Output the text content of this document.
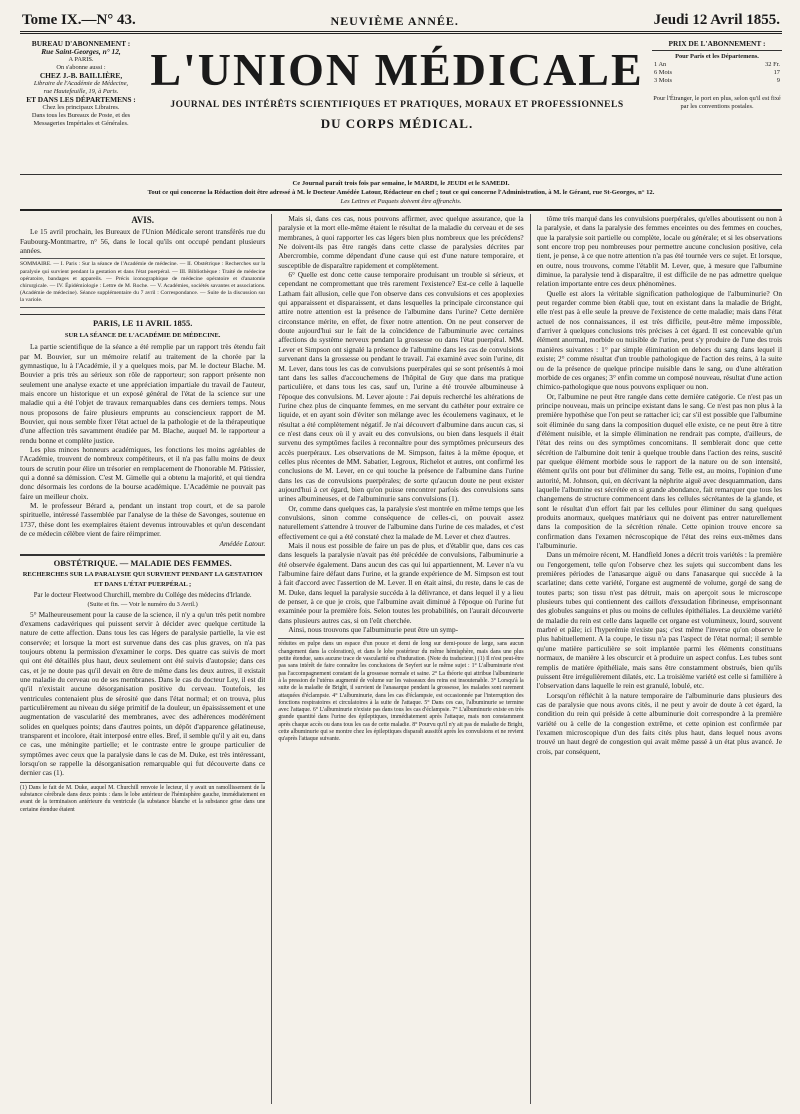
Tome IX.—N° 43.	NEUVIÈME ANNÉE.	Jeudi 12 Avril 1855.
BUREAU D'ABONNEMENT :
Rue Saint-Georges, n° 12,
A PARIS.
On s'abonne aussi :
CHEZ J.-B. BAILLIÈRE,
Libraire de l'Académie de Médecine,
rue Hautefeuille, 19, à Paris.
ET DANS LES DÉPARTEMENS :
Chez les principaux Libraires.
Dans tous les Bureaux de Poste, et des
Messageries Impériales et Générales.
L'UNION MÉDICALE
JOURNAL DES INTÉRÊTS SCIENTIFIQUES ET PRATIQUES, MORAUX ET PROFESSIONNELS
DU CORPS MÉDICAL.
PRIX DE L'ABONNEMENT :
Pour Paris et les Départemens.
1 An	32 Fr.
6 Mois	17
3 Mois	9
Pour l'Étranger, le port en plus, selon qu'il est fixé par les conventions postales.
Ce Journal paraît trois fois par semaine, le MARDI, le JEUDI et le SAMEDI.
Tout ce qui concerne la Rédaction doit être adressé à M. le Docteur Amédée Latour, Rédacteur en chef ; tout ce qui concerne l'Administration, à M. le Gérant, rue St-Georges, n° 12.
Les Lettres et Paquets doivent être affranchis.
AVIS.

Le 15 avril prochain, les Bureaux de l'Union Médicale seront transférés rue du Faubourg-Montmartre, n° 56, dans le local qu'ils ont occupé pendant plusieurs années.

SOMMAIRE. — I. Paris : Sur la séance de l'Académie de médecine. — II. Obstétrique : Recherches sur la paralysie qui survient pendant la gestation et dans l'état puerpéral. — III. Bibliothèque : Traité de médecine opératoire, bandages et appareils. — Précis iconographique de médecine opératoire et d'anatomie chirurgicale. — IV. Épidémiologie : Lettre de M. Roche. — V. Académies, sociétés savantes et associations. (Académie de médecine). Séance supplémentaire du 7 avril : Correspondance. — Suite de la discussion sur la variole.
PARIS, LE 11 AVRIL 1855.
SUR LA SÉANCE DE L'ACADÉMIE DE MÉDECINE.

La partie scientifique de la séance a été remplie par un rapport très étendu fait par M. Bouvier, sur un mémoire relatif au traitement de la chorée par la gymnastique, lu à l'Académie, il y a quelques mois, par M. le docteur Blache. M. Bouvier a pris très au sérieux son rôle de rapporteur; son rapport présente non seulement une analyse exacte et une appréciation impartiale du travail de l'auteur, mais encore un historique et un exposé général de l'état de la science sur une maladie qui a été l'objet de travaux remarquables dans ces derniers temps. Nous nous proposons de faire plusieurs emprunts au consciencieux rapport de M. Bouvier, qui nous semble fixer l'état actuel de la pathologie et de la thérapeutique d'une affection très savamment étudiée par M. Blache, auquel M. le rapporteur a rendu bonne et complète justice.

Les plus minces honneurs académiques, les fonctions les moins agréables de l'Académie, trouvent de nombreux compétiteurs, et il n'a pas fallu moins de deux tours de scrutin pour élire un trésorier en remplacement de l'honorable M. Pâtissier, qui a donné sa démission. C'est M. Gimelle qui a obtenu la majorité, et qui tiendra donc désormais les cordons de la bourse académique. L'Académie ne pouvait pas faire un meilleur choix.

M. le professeur Bérard a, pendant un instant trop court, et de sa parole spirituelle, intéressé l'assemblée par l'analyse de la thèse de Savonges, soutenue en 1737, thèse dont les exemplaires étaient devenus introuvables et qu'un descendant de ce médecin célèbre vient de faire réimprimer.

Amédée Latour.
OBSTÉTRIQUE. — MALADIE DES FEMMES.
RECHERCHES SUR LA PARALYSIE QUI SURVIENT PENDANT LA GESTATION ET DANS L'ÉTAT PUERPÉRAL ;
Par le docteur Fleetwood Churchill, membre du Collége des médecins d'Irlande.
(Suite et fin. — Voir le numéro du 3 Avril.)

5° Malheureusement pour la cause de la science, il n'y a qu'un très petit nombre d'examens cadavériques qui puissent servir à décider avec quelque certitude la nature de cette affection. Dans tous les cas légers de paralysie partielle, la vie est conservée; et lorsque la mort est survenue dans des cas plus graves, on n'a pas toujours obtenu la permission d'examiner le corps. Des quatre cas suivis de mort qui ont été détaillés plus haut, deux seulement ont été suivis d'autopsie; dans ces cas, et je ne doute pas qu'il devait en être de même dans les deux autres, il existait une maladie du cerveau ou de ses membranes. Dans le cas du docteur Ley, il est dit qu'il n'existait aucune désorganisation positive du cerveau. Toutefois, les ventricules contenaient plus de sérosité que dans l'état normal; et on trouva, plus particulièrement au niveau du siége primitif de la douleur, un épaississement et une augmentation de vascularité des membranes, avec des adhérences modérément solides en quelques points; dans d'autres points, un dépôt d'apparence gélatineuse, transparent et incolore, était interposé entre elles. Bref, il semble qu'il y ait eu, dans ce cas, une méningite partielle; et le contraste entre le groupe particulier de symptômes avec ceux que la paralysie dans le cas de M. Duke, est très intéressant, lorsqu'on se rappelle la désorganisation remarquable qui fut découverte dans ce dernier cas (1).

(1) Dans le fait de M. Duke, auquel M. Churchill renvoie le lecteur, il y avait un ramollissement de la substance cérébrale dans deux points : dans le lobe antérieur de l'hémisphère gauche, immédiatement en avant de la terminaison antérieure du ventricule (la substance blanche et la substance grise dans une certaine étendue étaient

Mais si, dans ces cas, nous pouvons affirmer, avec quelque assurance, que la paralysie et la mort elle-même étaient le résultat de la maladie du cerveau et de ses membranes, à quoi rapporter les cas légers bien plus nombreux que les précédens? Ne doivent-ils pas être rangés dans cette classe de paralysies décrites par Abercrombie, comme dépendant d'une cause qui est d'une nature temporaire, et susceptible de disparaître rapidement et complètement.

6° Quelle est donc cette cause temporaire produisant un trouble si sérieux, et cependant ne compromettant que très rarement l'existence? Est-ce celle à laquelle Latham fait allusion, celle que l'on observe dans ces convulsions et ces apoplexies qui apparaissent et disparaissent, et dans lesquelles la principale circonstance qui attire notre attention est la présence de l'albumine dans l'urine? Cette dernière circonstance mérite, en effet, de fixer notre attention. On ne peut conserver de doute aujourd'hui sur le fait de la coïncidence de l'albuminurie avec certaines affections du système nerveux pendant la grossesse ou dans l'état puerpéral. MM. Lever et Simpson ont signalé la présence de l'albumine dans les cas de convulsions survenant dans la grossesse ou pendant le travail. J'ai examiné avec soin l'urine, dit M. Lever, dans tous les cas de convulsions puerpérales qui se sont présentés à moi tant dans les salles d'accouchemens de l'hôpital de Guy que dans ma pratique particulière, et dans tous les cas, sauf un, l'urine a été trouvée albumineuse à l'époque des convulsions. M. Lever ajoute : J'ai depuis recherché les altérations de l'urine chez plus de cinquante femmes, en me servant du cathéter pour extraire ce liquide, et en ayant soin d'éviter son mélange avec les écoulemens vaginaux, et le résultat a été complètement négatif. Je n'ai découvert d'albumine dans aucun cas, si ce n'est dans ceux où il y avait eu des convulsions, ou bien dans lesquels il était survenu des symptômes faciles à reconnaître pour des symptômes précurseurs des accès puerpéraux. Les observations de M. Simpson, faites à la même époque, et celles plus récentes de MM. Sabatier, Legroux, Richelot et autres, ont confirmé les conclusions de M. Lever, en ce qui touche la présence de l'albumine dans l'urine dans les cas de convulsions puerpérales; de sorte qu'aucun doute ne peut exister aujourd'hui à cet égard, bien qu'on puisse rencontrer parfois des convulsions sans urines albumineuses, et de l'albuminurie sans convulsions (1).

Or, comme dans quelques cas, la paralysie s'est montrée en même temps que les convulsions, sinon comme conséquence de celles-ci, on pouvait assez naturellement s'attendre à trouver de l'albumine dans l'urine de ces malades, et c'est effectivement ce qui a été constaté chez la malade de M. Lever et chez d'autres.

Mais il nous est possible de faire un pas de plus, et d'établir que, dans ces cas dans lesquels la paralysie n'avait pas été précédée de convulsions, l'albuminurie a été observée également. Dans aucun des cas qui lui appartiennent, M. Lever n'a vu l'albumine faire défaut dans l'urine, et la grande expérience de M. Simpson est tout à fait d'accord avec l'assertion de M. Lever. Il en était ainsi, du reste, dans le cas de M. Duke, dans lequel la paralysie succéda à la délivrance, et dans lequel il y a lieu de penser, à ce que je crois, que l'albumine avait diminué à l'époque où l'urine fut examinée pour la première fois. Selon toutes les probabilités, on l'aurait découverte dans plusieurs autres cas, si on l'eût cherchée.

Ainsi, nous trouvons que l'albuminurie peut être un symp-

réduites en pulpe dans un espace d'un pouce et demi de long sur demi-pouce de large, sans aucun changement dans la coloration), et dans le lobe postérieur du même hémisphère, mais dans une plus petite étendue, sans aucune trace de vascularité ou d'induration. (Note du traducteur.) (1) Il n'est peut-être pas sans intérêt de faire connaître les conclusions de Seyfert sur le même sujet : 1° L'albuminurie n'est pas l'accompagnement constant de la grossesse normale et saine. 2° La théorie qui attribue l'albuminurie à la pression de l'utérus augmenté de volume sur les vaisseaux des reins est insoutenable. 3° Lorsqu'à la suite de la maladie de Bright, il survient de l'anasarque pendant la grossesse, les malades sont rarement attaquées d'éclampsie. 4° L'albuminurie, dans les cas d'éclampsie, est occasionnée par l'interruption des fonctions respiratoires et circulatoires à la suite de l'attaque. 5° Dans ces cas, l'albuminurie se termine avec l'attaque. 6° L'albuminurie n'existe pas dans tous les cas d'éclampsie. 7° L'albuminurie existe en très grande quantité dans l'urine des épileptiques, immédiatement après l'attaque, mais non constamment après chaque accès ou dans tous les cas de cette maladie. 8° Pourvu qu'il n'y ait pas de maladie de Bright, cette albuminurie qui se montre chez les épileptiques disparaît aussitôt après les convulsions et ne revient qu'après l'attaque suivante.

tôme très marqué dans les convulsions puerpérales, qu'elles aboutissent ou non à la paralysie, et dans la paralysie des femmes enceintes ou des femmes en couches, que la paralysie soit partielle ou complète, locale ou générale; et si les observations sont encore trop peu nombreuses pour permettre aucune conclusion positive, cela tient, je pense, à ce que notre attention n'a pas été tournée vers ce sujet. Et lorsque, en outre, nous trouvons, comme l'établit M. Lever, que, à mesure que l'albumine diminue, la paralysie tend à disparaître, il est difficile de ne pas admettre quelque relation importante entre ces deux phénomènes.

Quelle est alors la véritable signification pathologique de l'albuminurie? On peut regarder comme bien établi que, tout en existant dans la maladie de Bright, elle n'est pas à elle seule la preuve de l'existence de cette maladie; mais dans l'état actuel de nos connaissances, il est très difficile, peut-être même impossible, d'arriver à quelques conclusions très précises à cet égard. Il est concevable qu'un élément anormal, morbide ou nuisible de l'urine, peut s'y produire de l'une des trois manières suivantes : 1° par simple élimination en dehors du sang dans lequel il existe; 2° comme résultat d'un trouble pathologique de l'action des reins, à la suite ou de la présence de quelque principe nuisible dans le sang, ou d'une altération morbide de ces organes; 3° enfin comme un composé nouveau, résultat d'une action chimico-pathologique que nous pouvons expliquer ou non.

Or, l'albumine ne peut être rangée dans cette dernière catégorie. Ce n'est pas un principe nouveau, mais un principe existant dans le sang. Ce n'est pas non plus à la première hypothèse que l'on peut se rattacher ici; car s'il est possible que l'albumine soit éliminée du sang dans la composition duquel elle existe, ce ne peut être à titre d'élément nuisible, et la simple élimination ne rendrait pas compte, d'ailleurs, de l'état des reins ou des symptômes concomitans. Il semblerait donc que cette sécrétion de l'albumine doit tenir à quelque trouble dans l'action des reins, suscité par quelque élément morbide sous le rapport de la nature ou de son intensité, élément qu'ils ont pour but d'éliminer du sang. Telle est, au moins, l'opinion d'une autorité, M. Johnson, qui, en décrivant la néphrite aiguë avec desquammation, dans laquelle l'albumine est sécrétée en si grande abondance, fait remarquer que tous les changemens de structure commencent dans les cellules sécrétantes de la glande, et sont le résultat d'un effort fait par les cellules pour éliminer du sang quelques produits anormaux, quelques matériaux qui ne doivent pas entrer naturellement dans la composition de la sécrétion rénale. Cette opinion trouve encore sa confirmation dans l'examen nécroscopique de l'état des reins eux-mêmes dans l'albuminurie.

Dans un mémoire récent, M. Handfield Jones a décrit trois variétés : la première ou l'engorgement, telle qu'on l'observe chez les sujets qui succombent dans les premières périodes de l'anasarque aiguë ou dans l'anasarque qui succède à la scarlatine; dans cette variété, l'organe est augmenté de volume, gorgé de sang de toutes parts; son tissu n'est pas détruit, mais on aperçoit sous le microscope plusieurs tubes qui contiennent des caillots d'exsudation fibrineuse, emprisonnant des globules sanguins et plus ou moins de cellules épithéliales. La deuxième variété de maladie du rein est celle dans laquelle cet organe est volumineux, lourd, souvent marbré et pâle; ici l'hyperémie n'existe pas; c'est même l'inverse qu'on observe le plus habituellement. A la coupe, le tissu n'a pas l'aspect de l'état normal; il semble qu'une matière particulière se soit implantée parmi les éléments constituans normaux, de manière à les obscurcir et à produire un aspect confus. Les tubes sont remplis de matière épithéliale, mais sans être constamment obstrués, bien qu'ils puissent être irrégulièrement dilatés, etc. La troisième variété est celle si familière à l'observation dans laquelle le rein est granulé, lobulé, etc.

Lorsqu'on réfléchit à la nature temporaire de l'albuminurie dans plusieurs des cas de paralysie que nous avons cités, il ne peut y avoir de doute à cet égard, la condition du rein qui préside à cette albuminurie doit correspondre à la première variété ou à celle de la congestion extrême, et cette opinion est confirmée par l'examen microscopique d'un des faits cités plus haut, dans lequel nous avons trouvé un haut degré de congestion qui avait même passé à un état plus avancé. Je crois, par conséquent,
